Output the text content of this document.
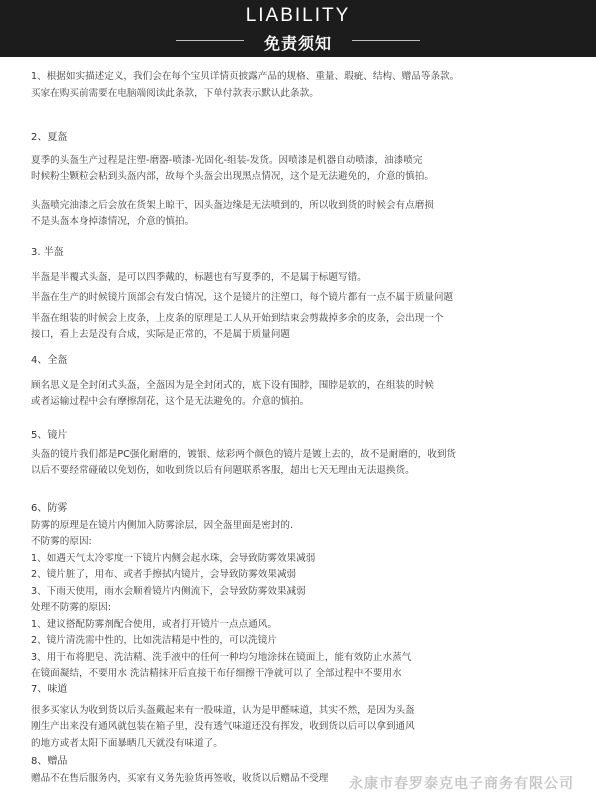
LIABILITY
免责须知

1、根据如实描述定义，我们会在每个宝贝详情页披露产品的规格、重量、瑕疵、结构、赠品等条款。

买家在购买前需要在电脑端阅读此条款，下单付款表示默认此条款。

2、夏盔

夏季的头盔生产过程是注塑-磨器-喷漆-光固化-组装-发货。因喷漆是机器自动喷漆，油漆喷完

时候粉尘颗粒会粘到头盔内部，故每个头盔会出现黑点情况，这个是无法避免的，介意的慎拍。

头盔喷完油漆之后会放在货架上晾干，因头盔边缘是无法喷到的，所以收到货的时候会有点磨损

不是头盔本身掉漆情况，介意的慎拍。

3. 半盔

半盔是半覆式头盔，是可以四季戴的，标题也有写夏季的，不是属于标题写错。

半盔在生产的时候镜片顶部会有发白情况，这个是镜片的注塑口，每个镜片都有一点不属于质量问题

半盔在组装的时候会上皮条，上皮条的原理是工人从开始到结束会剪裁掉多余的皮条，会出现一个

接口，看上去是没有合成，实际是正常的，不是属于质量问题

4、全盔

顾名思义是全封闭式头盔，全盔因为是全封闭式的，底下设有围脖，围脖是软的，在组装的时候

或者运输过程中会有摩擦刮花，这个是无法避免的。介意的慎拍。

5、镜片

头盔的镜片我们都是PC强化耐磨的，镀银、炫彩两个颜色的镜片是镀上去的，故不是耐磨的，收到货

以后不要经常碰破以免划伤，如收到货以后有问题联系客服，超出七天无理由无法退换货。

6、防雾

防雾的原理是在镜片内侧加入防雾涂层，因全盔里面是密封的.

不防雾的原因:

1、如遇天气太冷零度一下镜片内侧会起水珠，会导致防雾效果减弱

2、镜片脏了，用布、或者手擦拭内镜片，会导致防雾效果减弱

3、下雨天使用，雨水会顺着镜片内侧流下，会导致防雾效果减弱

处理不防雾的原因:

1、建议搭配防雾剂配合使用，或者打开镜片一点点通风。

2、镜片清洗需中性的，比如洗洁精是中性的，可以洗镜片

3、用干布将肥皂、洗洁精、洗手液中的任何一种均匀地涂抹在镜面上，能有效防止水蒸气

在镜面凝结，不要用水 洗洁精抹开后直接干布仔细擦干净就可以了 全部过程中不要用水

7、味道

很多买家认为收到货以后头盔戴起来有一股味道，认为是甲醛味道，其实不然，是因为头盔

刚生产出来没有通风就包装在箱子里，没有透气味道还没有挥发，收到货以后可以拿到通风

的地方或者太阳下面暴晒几天就没有味道了。

8、赠品

赠品不在售后服务内，买家有义务先验货再签收，收货以后赠品不受理	永康市春罗泰克电子商务有限公司
